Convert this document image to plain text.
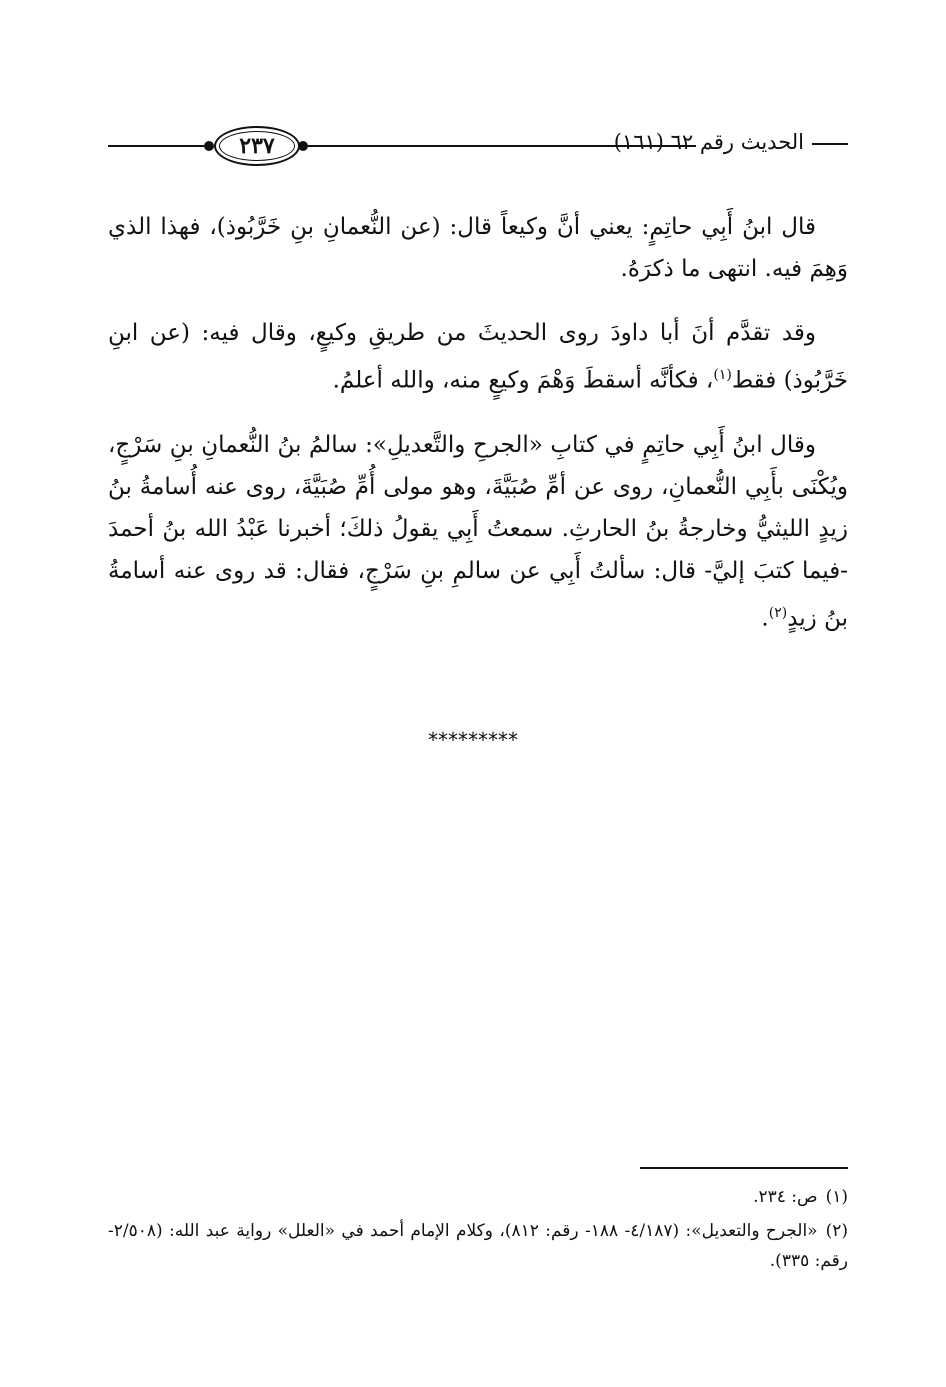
٢٣٧	الحديث رقم ٦٢ (١٦١)

قال ابنُ أَبِي حاتِمٍ: يعني أنَّ وكيعاً قال: (عن النُّعمانِ بنِ خَرَّبُوذ)، فهذا الذي وَهِمَ فيه. انتهى ما ذكرَهُ.

وقد تقدَّم أنَ أبا داودَ روى الحديثَ من طريقِ وكيعٍ، وقال فيه: (عن ابنِ خَرَّبُوذ) فقط$^{(١)}$، فكأنَّه أسقطَ وَهْمَ وكيعٍ منه، والله أعلمُ.

وقال ابنُ أَبِي حاتِمٍ في كتابِ «الجرحِ والتَّعديلِ»: سالمُ بنُ النُّعمانِ بنِ سَرْجٍ، ويُكْنَى بأَبِي النُّعمانِ، روى عن أمِّ صُبَيَّةَ، وهو مولى أُمِّ صُبَيَّةَ، روى عنه أُسامةُ بنُ زيدٍ الليثيُّ وخارجةُ بنُ الحارثِ. سمعتُ أَبِي يقولُ ذلكَ؛ أخبرنا عَبْدُ الله بنُ أحمدَ -فيما كتبَ إليَّ- قال: سألتُ أَبِي عن سالمِ بنِ سَرْجٍ، فقال: قد روى عنه أسامةُ بنُ زيدٍ$^{(٢)}$.

*********

(١)ص: ٢٣٤.

(٢)«الجرح والتعديل»: (٤/١٨٧- ١٨٨- رقم: ٨١٢)، وكلام الإمام أحمد في «العلل» رواية عبد الله: (٢/٥٠٨- رقم: ٣٣٥).
